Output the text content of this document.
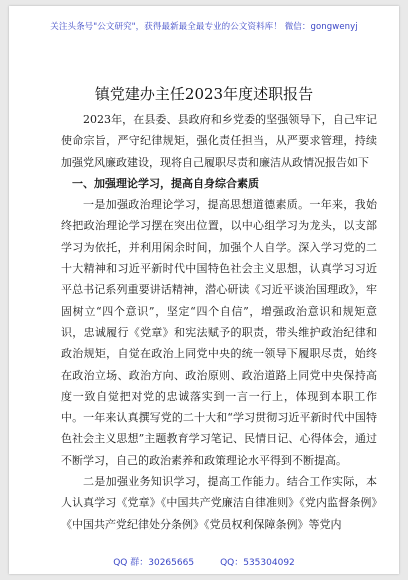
关注头条号"公文研究"，获得最新最全最专业的公文资料库！ 微信：gongwenyj
镇党建办主任2023年度述职报告

2023年，在县委、县政府和乡党委的坚强领导下，自己牢记使命宗旨，严守纪律规矩，强化责任担当，从严要求管理，持续加强党风廉政建设，现将自己履职尽责和廉洁从政情况报告如下

一、加强理论学习，提高自身综合素质

一是加强政治理论学习，提高思想道德素质。一年来，我始终把政治理论学习摆在突出位置，以中心组学习为龙头，以支部学习为依托，并利用闲余时间，加强个人自学。深入学习党的二十大精神和习近平新时代中国特色社会主义思想，认真学习习近平总书记系列重要讲话精神，潜心研读《习近平谈治国理政》，牢固树立“四个意识”，坚定“四个自信”，增强政治意识和规矩意识，忠诚履行《党章》和宪法赋予的职责，带头维护政治纪律和政治规矩，自觉在政治上同党中央的统一领导下履职尽责，始终在政治立场、政治方向、政治原则、政治道路上同党中央保持高度一致自觉把对党的忠诚落实到一言一行上，体现到本职工作中。一年来认真撰写党的二十大和“学习贯彻习近平新时代中国特色社会主义思想”主题教育学习笔记、民情日记、心得体会，通过不断学习，自己的政治素养和政策理论水平得到不断提高。

二是加强业务知识学习，提高工作能力。结合工作实际，本人认真学习《党章》《中国共产党廉洁自律准则》《党内监督条例》《中国共产党纪律处分条例》《党员权利保障条例》等党内

QQ 群：30265665	QQ：535304092
